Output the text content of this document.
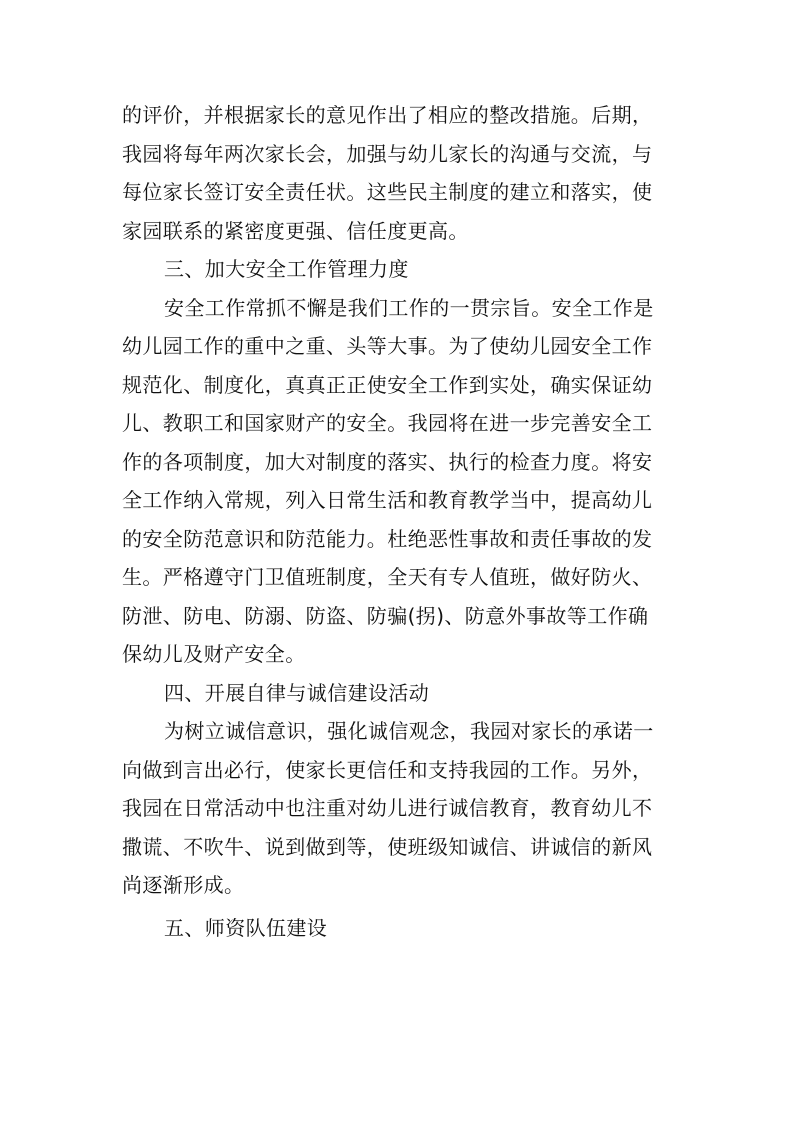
的评价，并根据家长的意见作出了相应的整改措施。后期，
我园将每年两次家长会，加强与幼儿家长的沟通与交流，与
每位家长签订安全责任状。这些民主制度的建立和落实，使
家园联系的紧密度更强、信任度更高。
三、加大安全工作管理力度
安全工作常抓不懈是我们工作的一贯宗旨。安全工作是
幼儿园工作的重中之重、头等大事。为了使幼儿园安全工作
规范化、制度化，真真正正使安全工作到实处，确实保证幼
儿、教职工和国家财产的安全。我园将在进一步完善安全工
作的各项制度，加大对制度的落实、执行的检查力度。将安
全工作纳入常规，列入日常生活和教育教学当中，提高幼儿
的安全防范意识和防范能力。杜绝恶性事故和责任事故的发
生。严格遵守门卫值班制度，全天有专人值班，做好防火、
防泄、防电、防溺、防盗、防骗(拐)、防意外事故等工作确
保幼儿及财产安全。
四、开展自律与诚信建设活动
为树立诚信意识，强化诚信观念，我园对家长的承诺一
向做到言出必行，使家长更信任和支持我园的工作。另外，
我园在日常活动中也注重对幼儿进行诚信教育，教育幼儿不
撒谎、不吹牛、说到做到等，使班级知诚信、讲诚信的新风
尚逐渐形成。
五、师资队伍建设
